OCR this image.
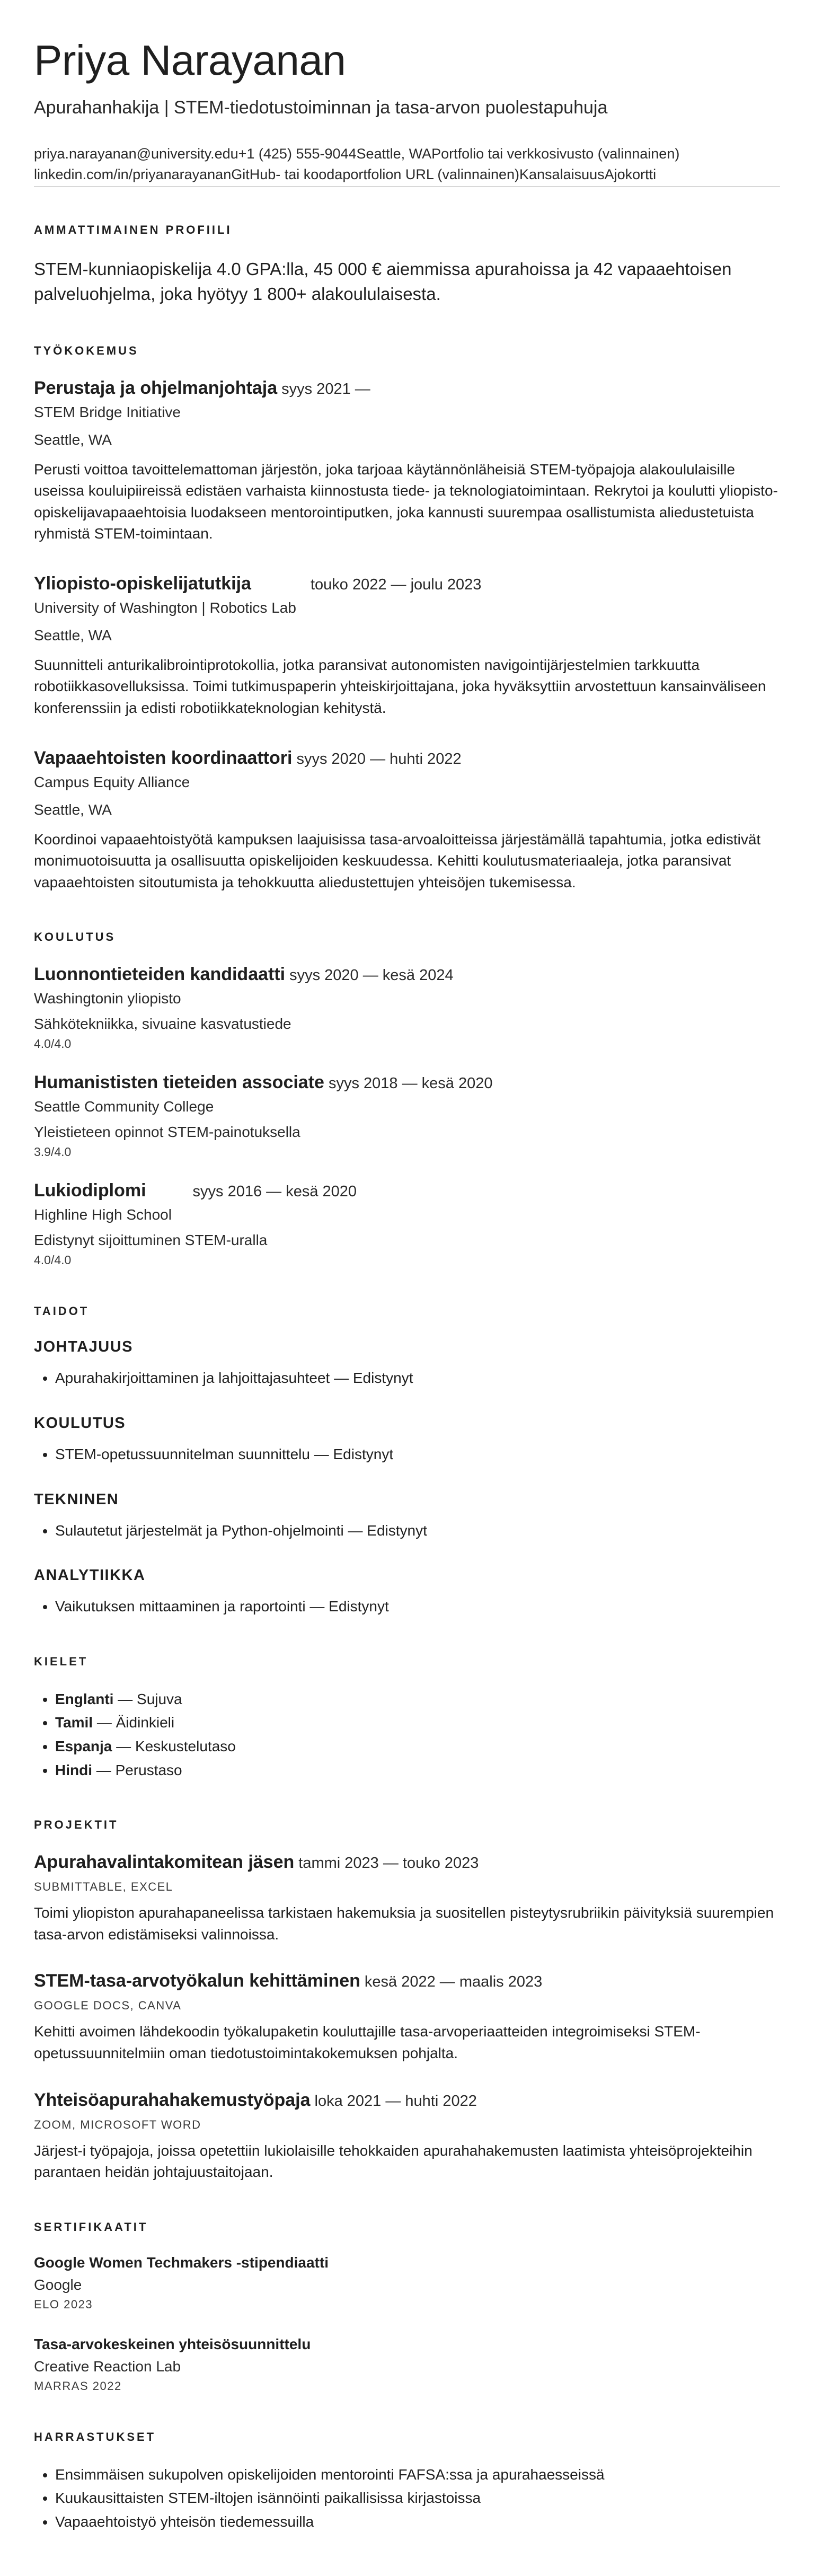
Priya Narayanan
Apurahanhakija | STEM-tiedotustoiminnan ja tasa-arvon puolestapuhuja
priya.narayanan@university.edu+1 (425) 555-9044Seattle, WAPortfolio tai verkkosivusto (valinnainen)
linkedin.com/in/priyanarayananGitHub- tai koodaportfolion URL (valinnainen)KansalaisuusAjokortti
AMMATTIMAINEN PROFIILI

STEM-kunniaopiskelija 4.0 GPA:lla, 45 000 € aiemmissa apurahoissa ja 42 vapaaehtoisen palveluohjelma, joka hyötyy 1 800+ alakoululaisesta.

TYÖKOKEMUS
Perustaja ja ohjelmanjohtaja syys 2021 —
STEM Bridge Initiative
Seattle, WA
Perusti voittoa tavoittelemattoman järjestön, joka tarjoaa käytännönläheisiä STEM-työpajoja alakoululaisille useissa kouluipiireissä edistäen varhaista kiinnostusta tiede- ja teknologiatoimintaan. Rekrytoi ja koulutti yliopisto-opiskelijavapaaehtoisia luodakseen mentorointiputken, joka kannusti suurempaa osallistumista aliedustetuista ryhmistä STEM-toimintaan.
Yliopisto-opiskelijatutkija	touko 2022 — joulu 2023
University of Washington | Robotics Lab
Seattle, WA
Suunnitteli anturikalibrointiprotokollia, jotka paransivat autonomisten navigointijärjestelmien tarkkuutta robotiikkasovelluksissa. Toimi tutkimuspaperin yhteiskirjoittajana, joka hyväksyttiin arvostettuun kansainväliseen konferenssiin ja edisti robotiikkateknologian kehitystä.
Vapaaehtoisten koordinaattori syys 2020 — huhti 2022
Campus Equity Alliance
Seattle, WA
Koordinoi vapaaehtoistyötä kampuksen laajuisissa tasa-arvoaloitteissa järjestämällä tapahtumia, jotka edistivät monimuotoisuutta ja osallisuutta opiskelijoiden keskuudessa. Kehitti koulutusmateriaaleja, jotka paransivat vapaaehtoisten sitoutumista ja tehokkuutta aliedustettujen yhteisöjen tukemisessa.
KOULUTUS
Luonnontieteiden kandidaatti syys 2020 — kesä 2024
Washingtonin yliopisto
Sähkötekniikka, sivuaine kasvatustiede
4.0/4.0
Humanististen tieteiden associate syys 2018 — kesä 2020
Seattle Community College
Yleistieteen opinnot STEM-painotuksella
3.9/4.0
Lukiodiplomi	syys 2016 — kesä 2020
Highline High School
Edistynyt sijoittuminen STEM-uralla
4.0/4.0
TAIDOT
JOHTAJUUS
• Apurahakirjoittaminen ja lahjoittajasuhteet — Edistynyt
KOULUTUS
• STEM-opetussuunnitelman suunnittelu — Edistynyt
TEKNINEN
• Sulautetut järjestelmät ja Python-ohjelmointi — Edistynyt
ANALYTIIKKA
• Vaikutuksen mittaaminen ja raportointi — Edistynyt
KIELET
• Englanti — Sujuva
• Tamil — Äidinkieli
• Espanja — Keskustelutaso
• Hindi — Perustaso
PROJEKTIT
Apurahavalintakomitean jäsen tammi 2023 — touko 2023
SUBMITTABLE, EXCEL
Toimi yliopiston apurahapaneelissa tarkistaen hakemuksia ja suositellen pisteytysrubriikin päivityksiä suurempien tasa-arvon edistämiseksi valinnoissa.
STEM-tasa-arvotyökalun kehittäminen kesä 2022 — maalis 2023
GOOGLE DOCS, CANVA
Kehitti avoimen lähdekoodin työkalupaketin kouluttajille tasa-arvoperiaatteiden integroimiseksi STEM-opetussuunnitelmiin oman tiedotustoimintakokemuksen pohjalta.
Yhteisöapurahahakemustyöpaja loka 2021 — huhti 2022
ZOOM, MICROSOFT WORD
Järjest-i työpajoja, joissa opetettiin lukiolaisille tehokkaiden apurahahakemusten laatimista yhteisöprojekteihin parantaen heidän johtajuustaitojaan.
SERTIFIKAATIT
Google Women Techmakers -stipendiaatti
Google
ELO 2023
Tasa-arvokeskeinen yhteisösuunnittelu
Creative Reaction Lab
MARRAS 2022
HARRASTUKSET
• Ensimmäisen sukupolven opiskelijoiden mentorointi FAFSA:ssa ja apurahaesseissä
• Kuukausittaisten STEM-iltojen isännöinti paikallisissa kirjastoissa
• Vapaaehtoistyö yhteisön tiedemessuilla
